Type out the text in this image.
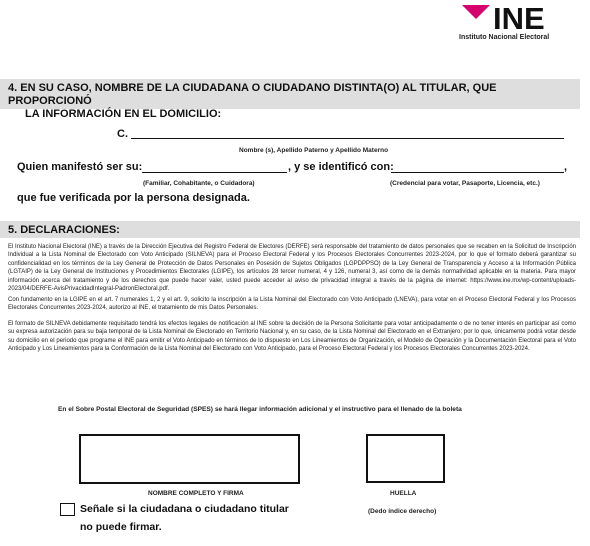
INE
Instituto Nacional Electoral
4. EN SU CASO, NOMBRE DE LA CIUDADANA O CIUDADANO DISTINTA(O) AL TITULAR, QUE PROPORCIONÓ
LA INFORMACIÓN EN EL DOMICILIO:
C.
Nombre (s), Apellido Paterno y Apellido Materno
Quien manifestó ser su:	, y se identificó con:	,
(Familiar, Cohabitante, o Cuidadora)	(Credencial para votar, Pasaporte, Licencia, etc.)
que fue verificada por la persona designada.
5. DECLARACIONES:
El Instituto Nacional Electoral (INE) a través de la Dirección Ejecutiva del Registro Federal de Electores (DERFE) será responsable del tratamiento de datos personales que se recaben en la Solicitud de Inscripción Individual a la Lista Nominal de Electorado con Voto Anticipado (SILNEVA) para el Proceso Electoral Federal y los Procesos Electorales Concurrentes 2023-2024, por lo que el formato deberá garantizar su confidencialidad en los términos de la Ley General de Protección de Datos Personales en Posesión de Sujetos Obligados (LGPDPPSO) de la Ley General de Transparencia y Acceso a la Información Pública (LGTAIP) de la Ley General de Instituciones y Procedimientos Electorales (LGIPE), los artículos 28 tercer numeral, 4 y 126, numeral 3, así como de la demás normatividad aplicable en la materia. Para mayor información acerca del tratamiento y de los derechos que puede hacer valer, usted puede acceder al aviso de privacidad integral a través de la página de internet: https://www.ine.mx/wp-content/uploads-2023/04/DERFE-AvisPrivacidadIntegral-PadronElectoral.pdf.
Con fundamento en la LGIPE en el art. 7 numerales 1, 2 y el art. 9, solicito la inscripción a la Lista Nominal del Electorado con Voto Anticipado (LNEVA), para votar en el Proceso Electoral Federal y los Procesos Electorales Concurrentes 2023-2024, autorizo al INE, el tratamiento de mis Datos Personales.
El formato de SILNEVA debidamente requisitado tendrá los efectos legales de notificación al INE sobre la decisión de la Persona Solicitante para votar anticipadamente o de no tener interés en participar así como su expresa autorización para su baja temporal de la Lista Nominal de Electorado en Territorio Nacional y, en su caso, de la Lista Nominal del Electorado en el Extranjero; por lo que, únicamente podrá votar desde su domicilio en el periodo que programe el INE para emitir el Voto Anticipado en términos de lo dispuesto en Los Lineamientos de Organización, el Modelo de Operación y la Documentación Electoral para el Voto Anticipado y Los Lineamientos para la Conformación de la Lista Nominal del Electorado con Voto Anticipado, para el Proceso Electoral Federal y los Procesos Electorales Concurrentes 2023-2024.
En el Sobre Postal Electoral de Seguridad (SPES) se hará llegar información adicional y el instructivo para el llenado de la boleta
NOMBRE COMPLETO Y FIRMA	HUELLA
(Dedo índice derecho)
Señale si la ciudadana o ciudadano titular
no puede firmar.
